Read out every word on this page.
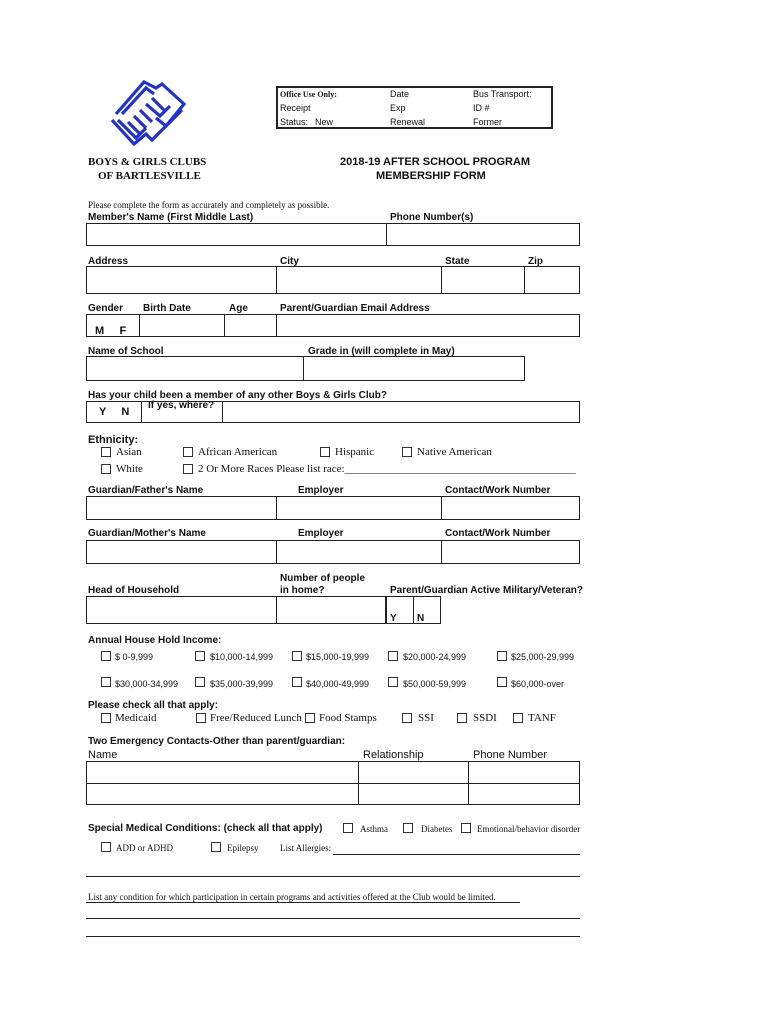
Office Use Only:	Date	Bus Transport:
Receipt	Exp	ID #
Status: New	Renewal	Former
BOYS & GIRLS CLUBS
OF BARTLESVILLE
2018-19 AFTER SCHOOL PROGRAM
MEMBERSHIP FORM
Please complete the form as accurately and completely as possible.
Member's Name (First Middle Last)	Phone Number(s)
Address	City	State	Zip
Gender Birth Date	Age	Parent/Guardian Email Address
M     F
Name of School	Grade in (will complete in May)
Has your child been a member of any other Boys & Girls Club?
Y     N
If yes, where?
Ethnicity:
Asian	African American	Hispanic	Native American
White	2 Or More Races Please list race:__________________________________________
Guardian/Father's Name	Employer	Contact/Work Number
Guardian/Mother's Name	Employer	Contact/Work Number
Number of people
in home?
Head of Household	Parent/Guardian Active Military/Veteran?
Y N
Annual House Hold Income:
$ 0-9,999	$10,000-14,999	$15,000-19,999	$20,000-24,999	$25,000-29,999
$30,000-34,999	$35,000-39,999	$40,000-49,999	$50,000-59,999	$60,000-over
Please check all that apply:
Medicaid	Free/Reduced Lunch Food Stamps	SSI	SSDI	TANF
Two Emergency Contacts-Other than parent/guardian:
Name	Relationship	Phone Number
Special Medical Conditions: (check all that apply)	Asthma	Diabetes	Emotional/behavior disorder
ADD or ADHD	Epilepsy List Allergies:
List any condition for which participation in certain programs and activities offered at the Club would be limited.
